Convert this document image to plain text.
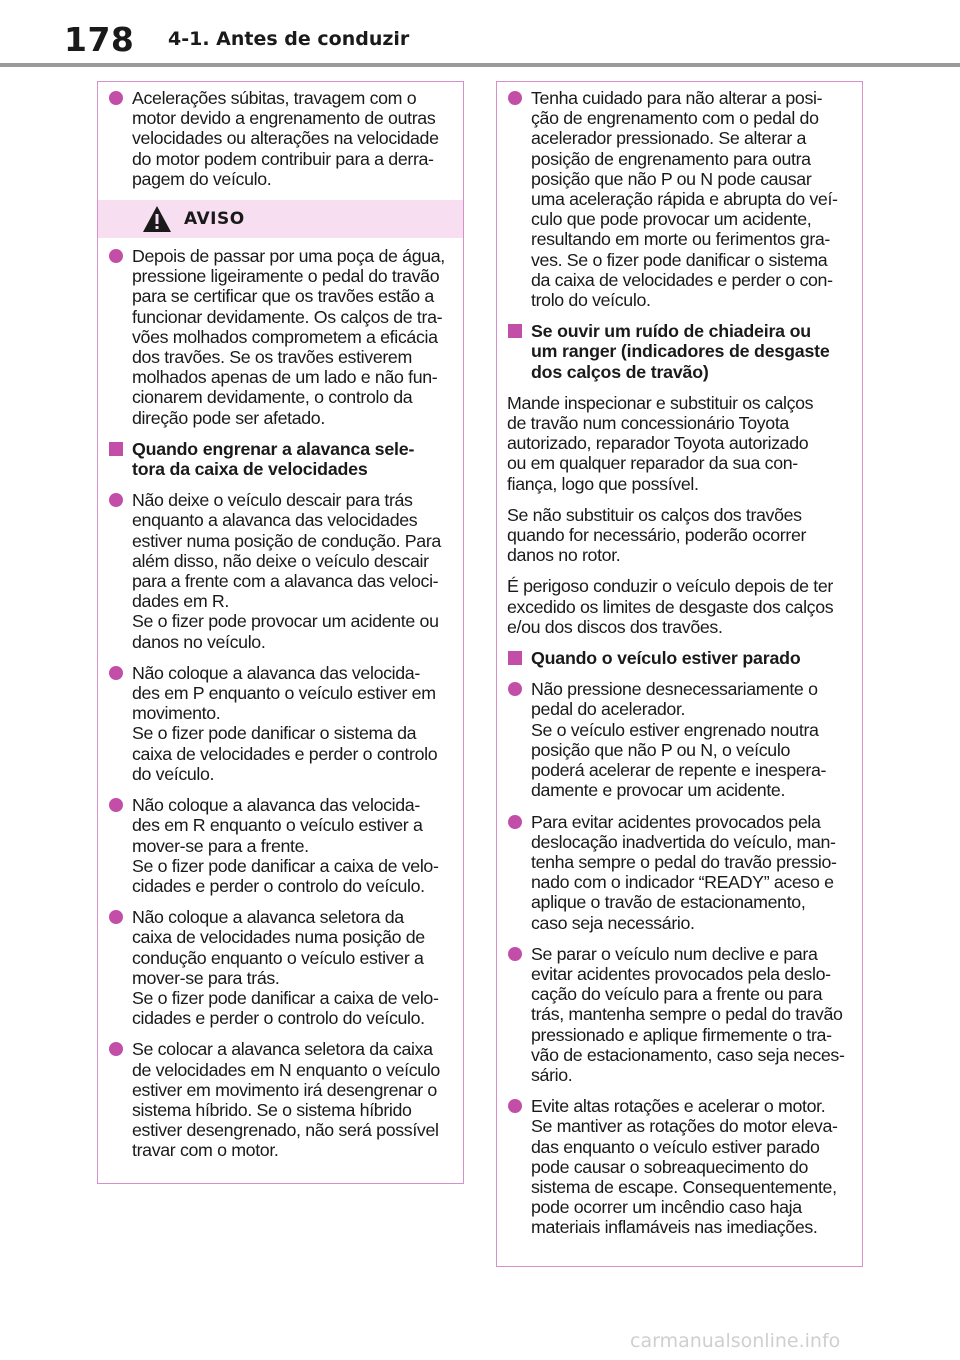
178 4-1. Antes de conduzir
Acelerações súbitas, travagem com o
motor devido a engrenamento de outras
velocidades ou alterações na velocidade
do motor podem contribuir para a derra-
pagem do veículo.
AVISO
Depois de passar por uma poça de água,
pressione ligeiramente o pedal do travão
para se certificar que os travões estão a
funcionar devidamente. Os calços de tra-
vões molhados comprometem a eficácia
dos travões. Se os travões estiverem
molhados apenas de um lado e não fun-
cionarem devidamente, o controlo da
direção pode ser afetado.
Quando engrenar a alavanca sele-
tora da caixa de velocidades
Não deixe o veículo descair para trás
enquanto a alavanca das velocidades
estiver numa posição de condução. Para
além disso, não deixe o veículo descair
para a frente com a alavanca das veloci-
dades em R.
Se o fizer pode provocar um acidente ou
danos no veículo.
Não coloque a alavanca das velocida-
des em P enquanto o veículo estiver em
movimento.
Se o fizer pode danificar o sistema da
caixa de velocidades e perder o controlo
do veículo.
Não coloque a alavanca das velocida-
des em R enquanto o veículo estiver a
mover-se para a frente.
Se o fizer pode danificar a caixa de velo-
cidades e perder o controlo do veículo.
Não coloque a alavanca seletora da
caixa de velocidades numa posição de
condução enquanto o veículo estiver a
mover-se para trás.
Se o fizer pode danificar a caixa de velo-
cidades e perder o controlo do veículo.
Se colocar a alavanca seletora da caixa
de velocidades em N enquanto o veículo
estiver em movimento irá desengrenar o
sistema híbrido. Se o sistema híbrido
estiver desengrenado, não será possível
travar com o motor.
Tenha cuidado para não alterar a posi-
ção de engrenamento com o pedal do
acelerador pressionado. Se alterar a
posição de engrenamento para outra
posição que não P ou N pode causar
uma aceleração rápida e abrupta do veí-
culo que pode provocar um acidente,
resultando em morte ou ferimentos gra-
ves. Se o fizer pode danificar o sistema
da caixa de velocidades e perder o con-
trolo do veículo.
Se ouvir um ruído de chiadeira ou
um ranger (indicadores de desgaste
dos calços de travão)
Mande inspecionar e substituir os calços
de travão num concessionário Toyota
autorizado, reparador Toyota autorizado
ou em qualquer reparador da sua con-
fiança, logo que possível.
Se não substituir os calços dos travões
quando for necessário, poderão ocorrer
danos no rotor.
É perigoso conduzir o veículo depois de ter
excedido os limites de desgaste dos calços
e/ou dos discos dos travões.
Quando o veículo estiver parado
Não pressione desnecessariamente o
pedal do acelerador.
Se o veículo estiver engrenado noutra
posição que não P ou N, o veículo
poderá acelerar de repente e inespera-
damente e provocar um acidente.
Para evitar acidentes provocados pela
deslocação inadvertida do veículo, man-
tenha sempre o pedal do travão pressio-
nado com o indicador “READY” aceso e
aplique o travão de estacionamento,
caso seja necessário.
Se parar o veículo num declive e para
evitar acidentes provocados pela deslo-
cação do veículo para a frente ou para
trás, mantenha sempre o pedal do travão
pressionado e aplique firmemente o tra-
vão de estacionamento, caso seja neces-
sário.
Evite altas rotações e acelerar o motor.
Se mantiver as rotações do motor eleva-
das enquanto o veículo estiver parado
pode causar o sobreaquecimento do
sistema de escape. Consequentemente,
pode ocorrer um incêndio caso haja
materiais inflamáveis nas imediações.
carmanualsonline.info
